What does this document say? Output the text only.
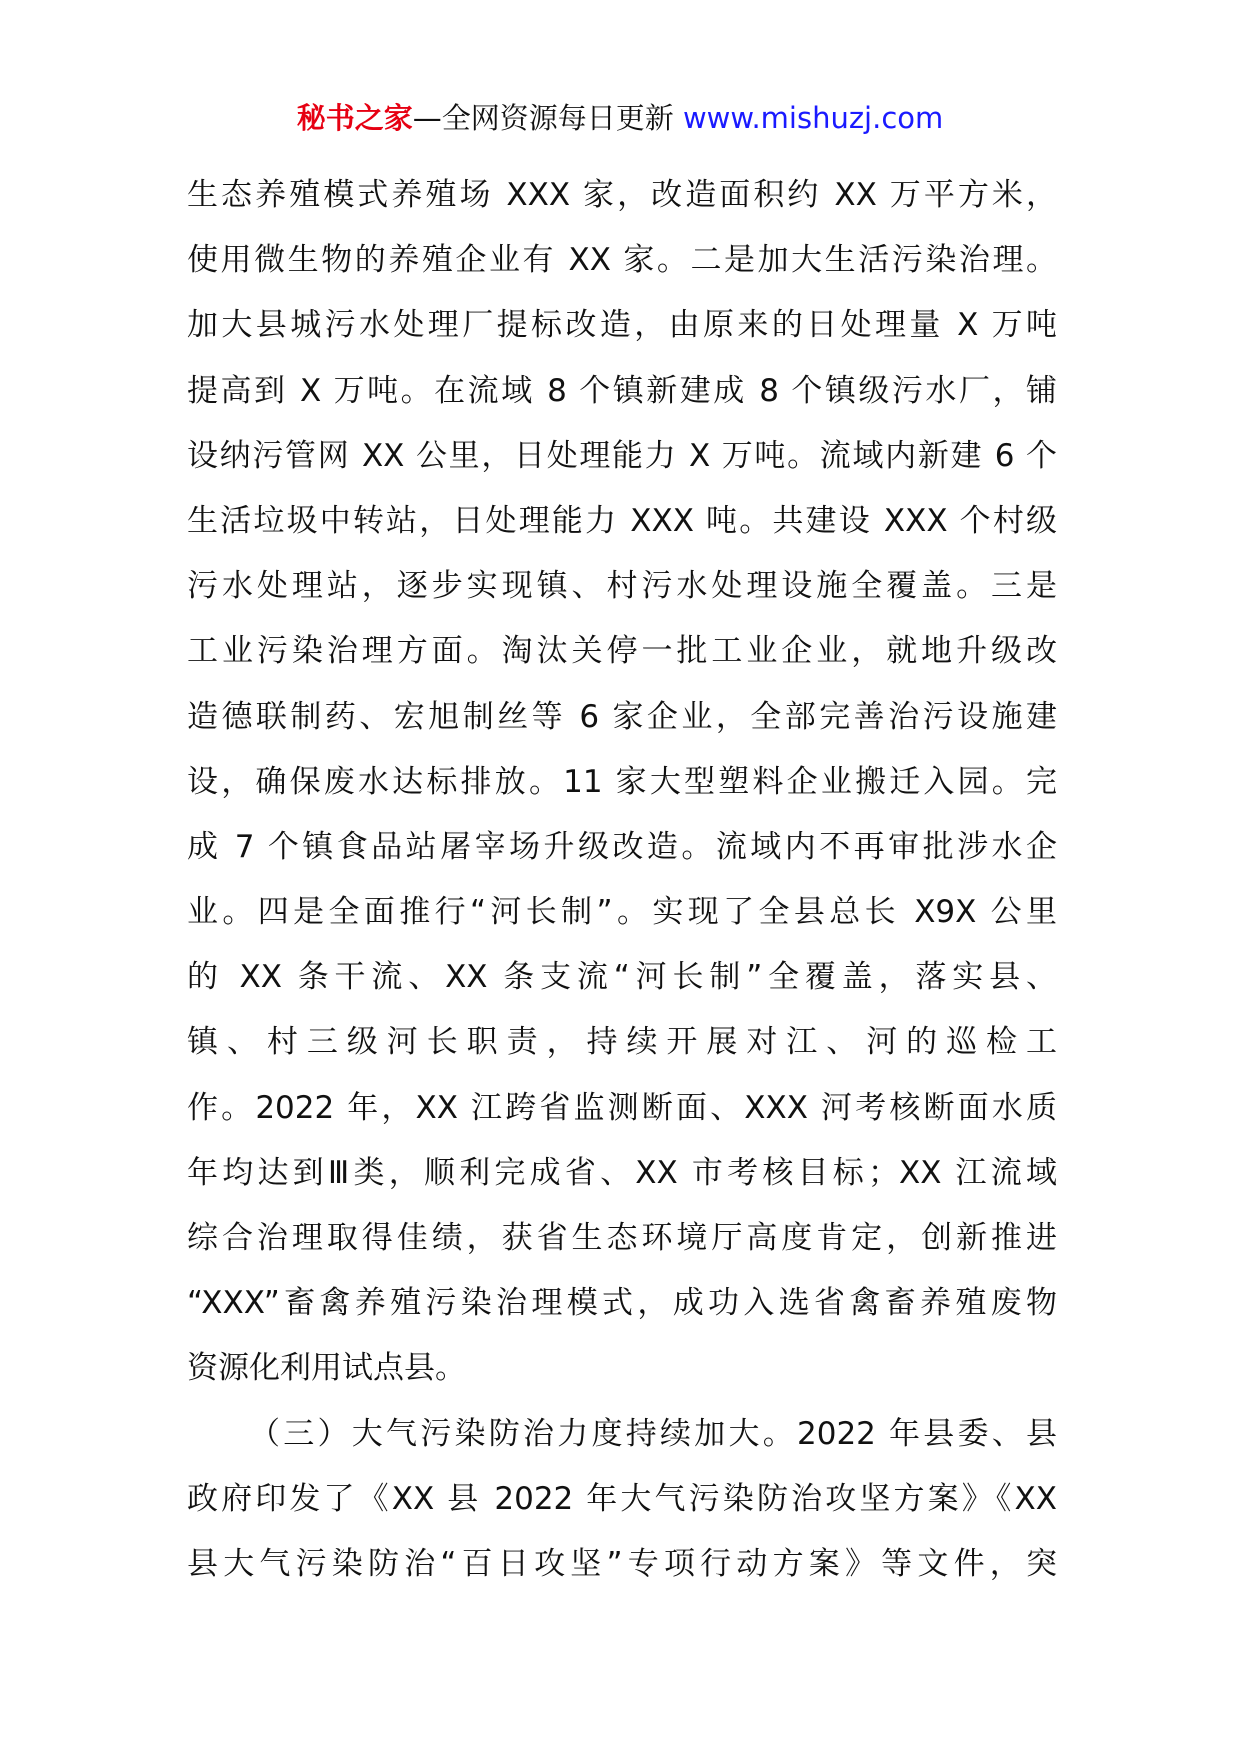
秘书之家—全网资源每日更新 www.mishuzj.com
生态养殖模式养殖场 XXX 家，改造面积约 XX 万平方米，
使用微生物的养殖企业有 XX 家。二是加大生活污染治理。
加大县城污水处理厂提标改造，由原来的日处理量 X 万吨
提高到 X 万吨。在流域 8 个镇新建成 8 个镇级污水厂，铺
设纳污管网 XX 公里，日处理能力 X 万吨。流域内新建 6 个
生活垃圾中转站，日处理能力 XXX 吨。共建设 XXX 个村级
污水处理站，逐步实现镇、村污水处理设施全覆盖。三是
工业污染治理方面。淘汰关停一批工业企业，就地升级改
造德联制药、宏旭制丝等 6 家企业，全部完善治污设施建
设，确保废水达标排放。11 家大型塑料企业搬迁入园。完
成 7 个镇食品站屠宰场升级改造。流域内不再审批涉水企
业。四是全面推行“河长制”。实现了全县总长 X9X 公里
的 XX 条干流、XX 条支流“河长制”全覆盖，落实县、
镇、村三级河长职责，持续开展对江、河的巡检工
作。2022 年，XX 江跨省监测断面、XXX 河考核断面水质
年均达到Ⅲ类，顺利完成省、XX 市考核目标；XX 江流域
综合治理取得佳绩，获省生态环境厅高度肯定，创新推进
“XXX”畜禽养殖污染治理模式，成功入选省禽畜养殖废物
资源化利用试点县。
（三）大气污染防治力度持续加大。2022 年县委、县
政府印发了《XX 县 2022 年大气污染防治攻坚方案》《XX
县大气污染防治“百日攻坚”专项行动方案》等文件，突
